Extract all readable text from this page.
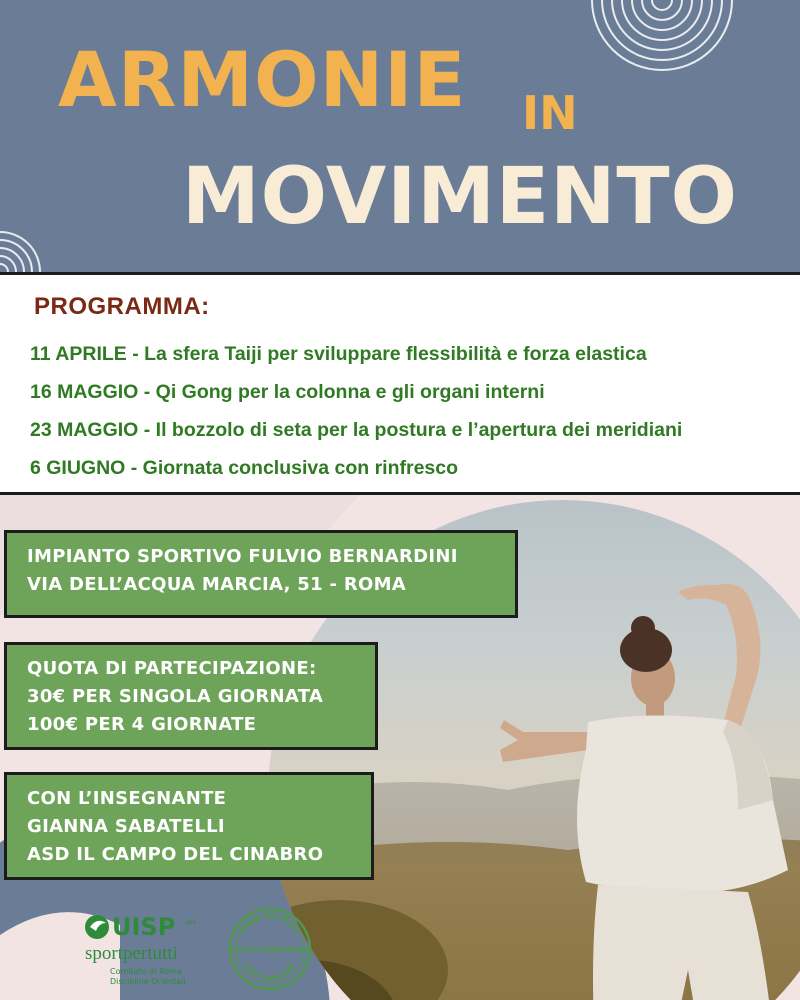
ARMONIE IN
MOVIMENTO
PROGRAMMA:
11 APRILE - La sfera Taiji per sviluppare flessibilità e forza elastica
16 MAGGIO - Qi Gong per la colonna e gli organi interni
23 MAGGIO - Il bozzolo di seta per la postura e l’apertura dei meridiani
6 GIUGNO - Giornata conclusiva con rinfresco
IMPIANTO SPORTIVO FULVIO BERNARDINI
VIA DELL’ACQUA MARCIA, 51 - ROMA
QUOTA DI PARTECIPAZIONE:
30€ PER SINGOLA GIORNATA
100€ PER 4 GIORNATE
CON L’INSEGNANTE
GIANNA SABATELLI
ASD IL CAMPO DEL CINABRO
UISP aps
sportpertutti
Comitato di Roma
Discipline Orientali
FREE TO PLAY
FULVIO BERNARDINI
UISP ROMA WIP
